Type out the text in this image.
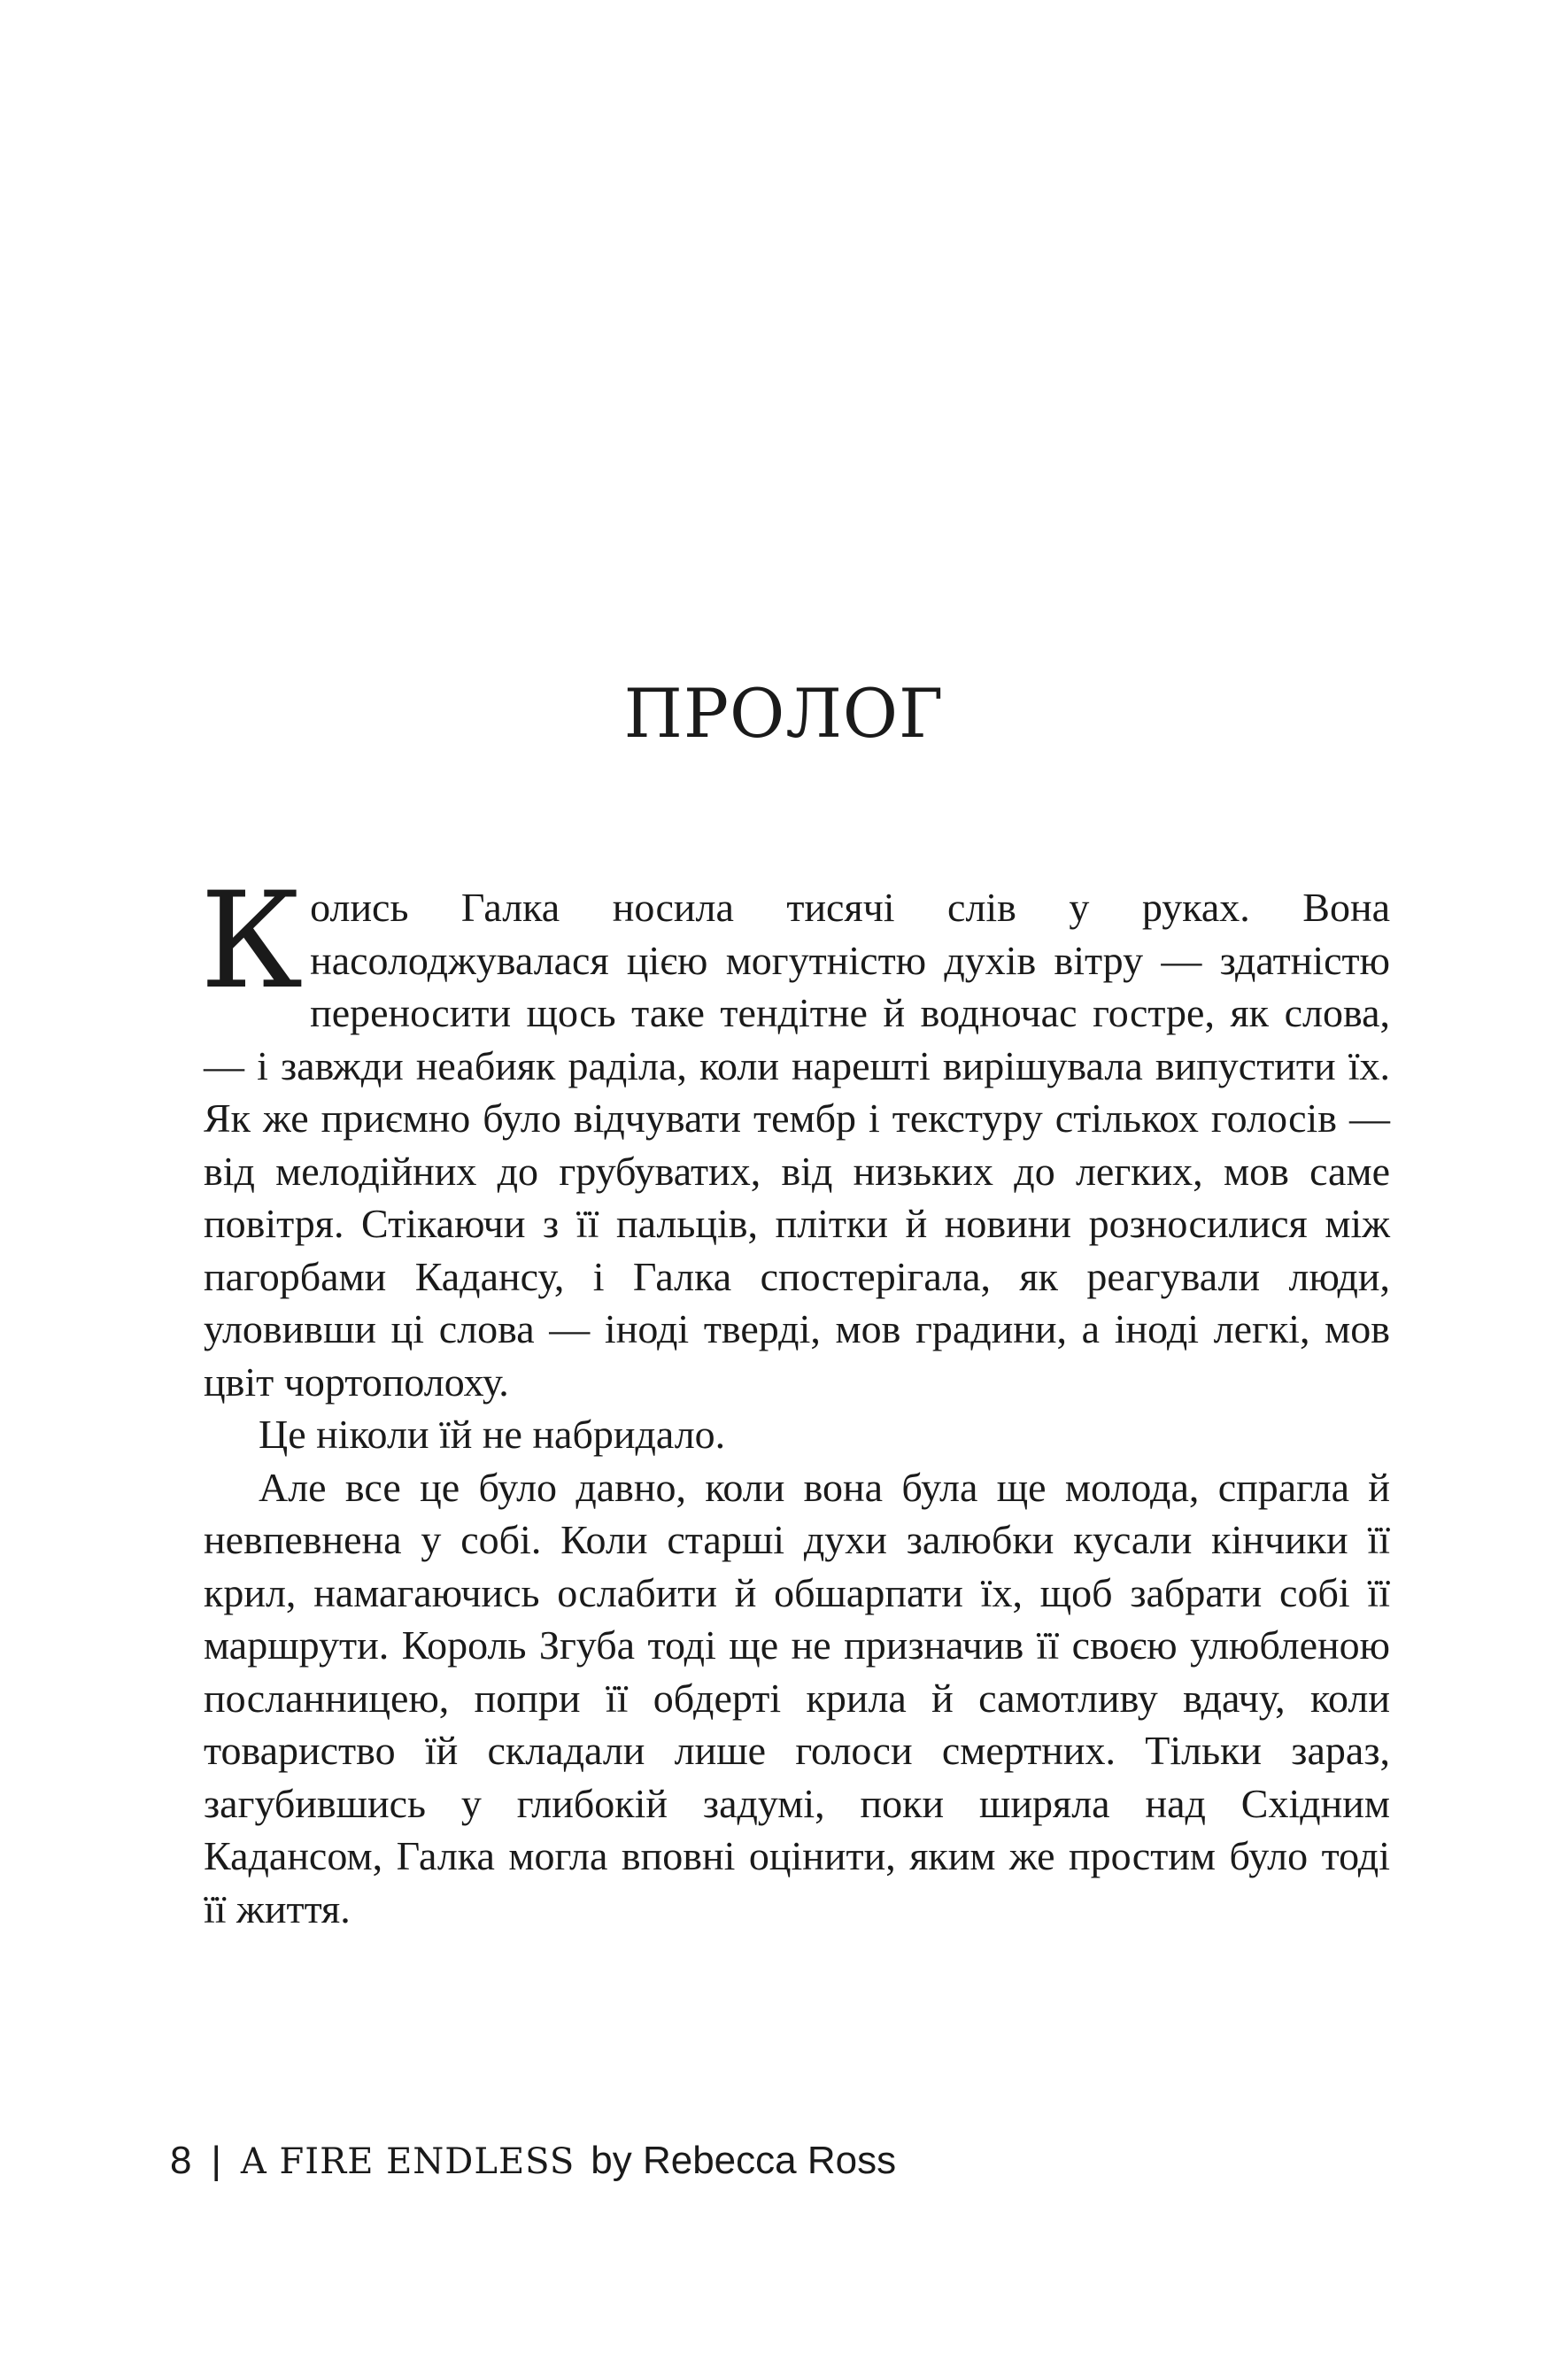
ПРОЛОГ

Колись Галка носила тисячі слів у руках. Вона насолоджувалася цією могутністю духів вітру — здатністю переносити щось таке тендітне й водночас гостре, як слова, — і завжди неабияк раділа, коли нарешті вирішувала випустити їх. Як же приємно було відчувати тембр і текстуру стількох голосів — від мелодійних до грубуватих, від низьких до легких, мов саме повітря. Стікаючи з її пальців, плітки й новини розносилися між пагорбами Кадансу, і Галка спостерігала, як реагували люди, уловивши ці слова — іноді тверді, мов градини, а іноді легкі, мов цвіт чортополоху.

Це ніколи їй не набридало.

Але все це було давно, коли вона була ще молода, спрагла й невпевнена у собі. Коли старші духи залюбки кусали кінчики її крил, намагаючись ослабити й обшарпати їх, щоб забрати собі її маршрути. Король Згуба тоді ще не призначив її своєю улюбленою посланницею, попри її обдерті крила й самотливу вдачу, коли товариство їй складали лише голоси смертних. Тільки зараз, загубившись у глибокій задумі, поки ширяла над Східним Кадансом, Галка могла вповні оцінити, яким же простим було тоді її життя.

8 | A FIRE ENDLESS by Rebecca Ross
